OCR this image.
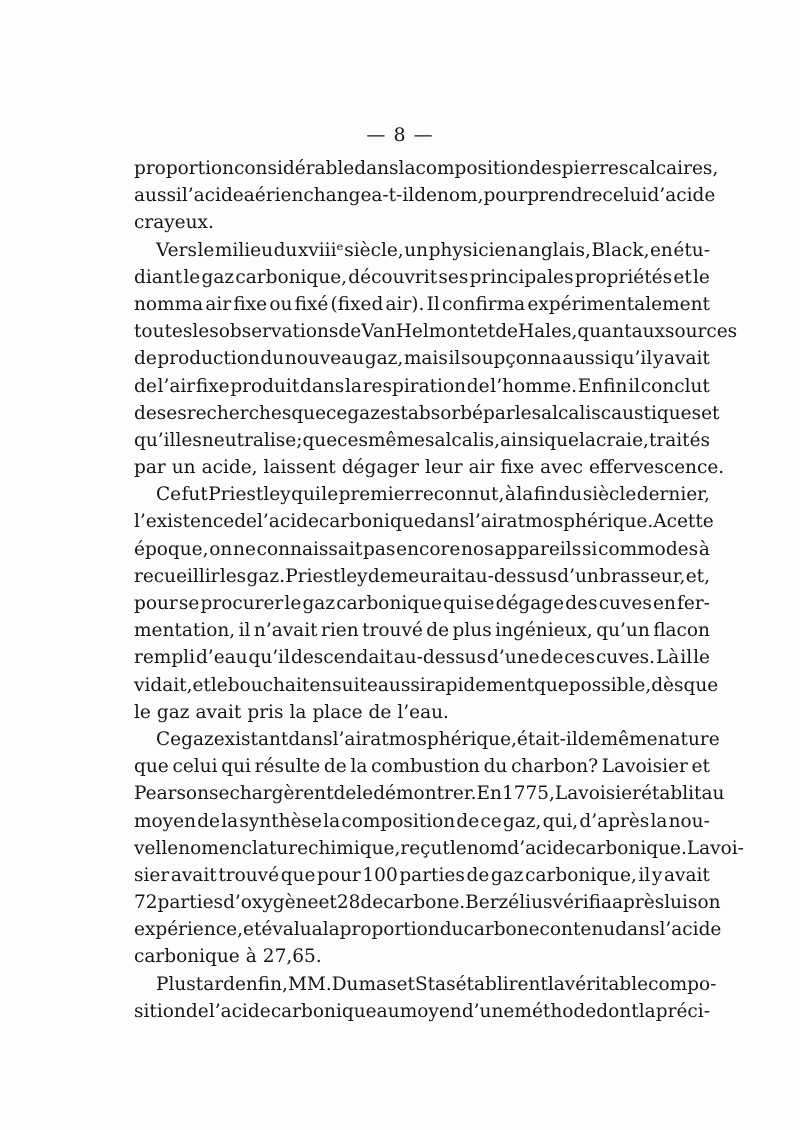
— 8 —
proportion considérable dans la composition des pierres calcaires,
aussi l’acide aérien changea-t-il de nom, pour prendre celui d’acide
crayeux.
Vers le milieu du xviiiᵉ siècle, un physicien anglais, Black, en étu-
diant le gaz carbonique, découvrit ses principales propriétés et le
nomma air fixe ou fixé (fixed air). Il confirma expérimentalement
toutes les observations de Van Helmont et de Hales, quant aux sources
de production du nouveau gaz, mais il soupçonna aussi qu’il y avait
de l’air fixe produit dans la respiration de l’homme. Enfin il conclut
de ses recherches que ce gaz est absorbé par les alcalis caustiques et
qu’il les neutralise; que ces mêmes alcalis, ainsi que la craie, traités
par un acide, laissent dégager leur air fixe avec effervescence.
Ce fut Priestley qui le premier reconnut, à la fin du siècle dernier,
l’existence de l’acide carbonique dans l’air atmosphérique. A cette
époque, on ne connaissait pas encore nos appareils si commodes à
recueillir les gaz. Priestley demeurait au-dessus d’un brasseur, et,
pour se procurer le gaz carbonique qui se dégage des cuves en fer-
mentation, il n’avait rien trouvé de plus ingénieux, qu’un flacon
rempli d’eau qu’il descendait au-dessus d’une de ces cuves. Là il le
vidait, et le bouchait ensuite aussi rapidement que possible, dès que
le gaz avait pris la place de l’eau.
Ce gaz existant dans l’air atmosphérique, était-il de même nature
que celui qui résulte de la combustion du charbon? Lavoisier et
Pearson se chargèrent de le démontrer. En 1775, Lavoisier établit au
moyen de la synthèse la composition de ce gaz, qui, d’après la nou-
velle nomenclature chimique, reçut le nom d’acide carbonique. Lavoi-
sier avait trouvé que pour 100 parties de gaz carbonique, il y avait
72 parties d’oxygène et 28 de carbone. Berzélius vérifia après lui son
expérience, et évalua la proportion du carbone contenu dans l’acide
carbonique à 27,65.
Plus tard enfin, MM. Dumas et Stas établirent la véritable compo-
sition de l’acide carbonique au moyen d’une méthode dont la préci-
